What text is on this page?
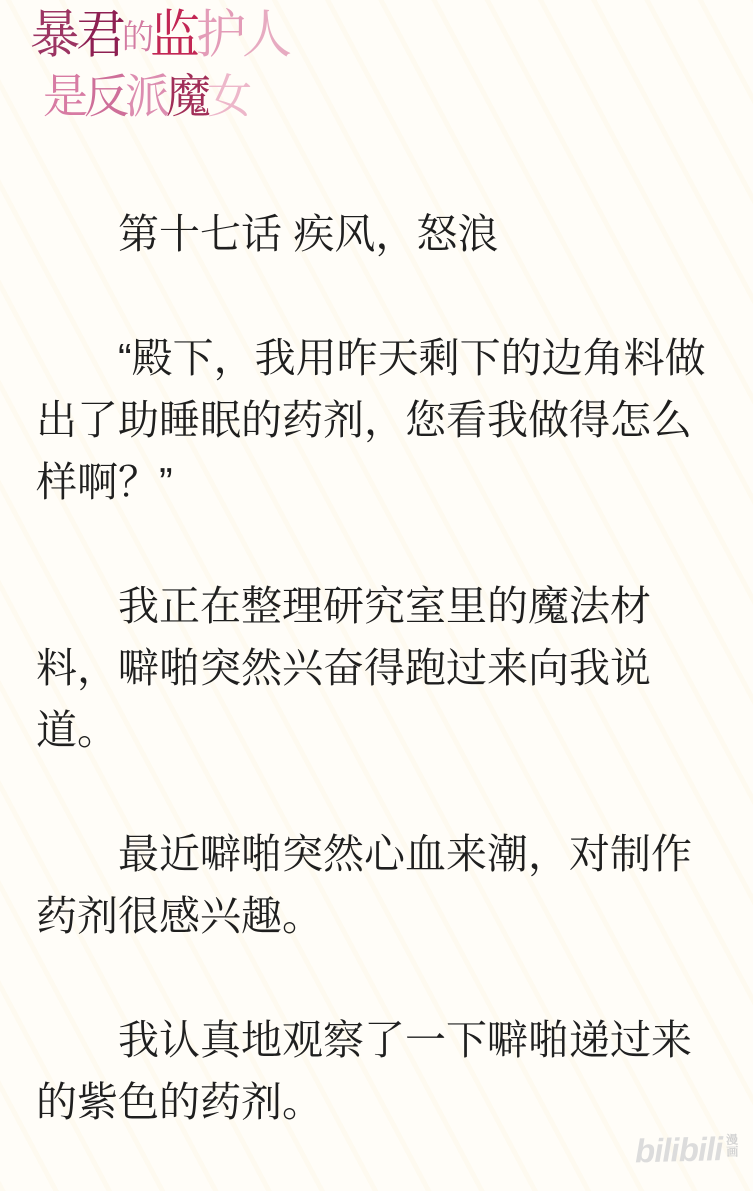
暴君的监护人
是反派魔女
第十七话 疾风，怒浪

“殿下，我用昨天剩下的边角料做出了助睡眠的药剂，您看我做得怎么样啊？”

我正在整理研究室里的魔法材料，噼啪突然兴奋得跑过来向我说道。

最近噼啪突然心血来潮，对制作药剂很感兴趣。

我认真地观察了一下噼啪递过来的紫色的药剂。

bilibili 漫
画
